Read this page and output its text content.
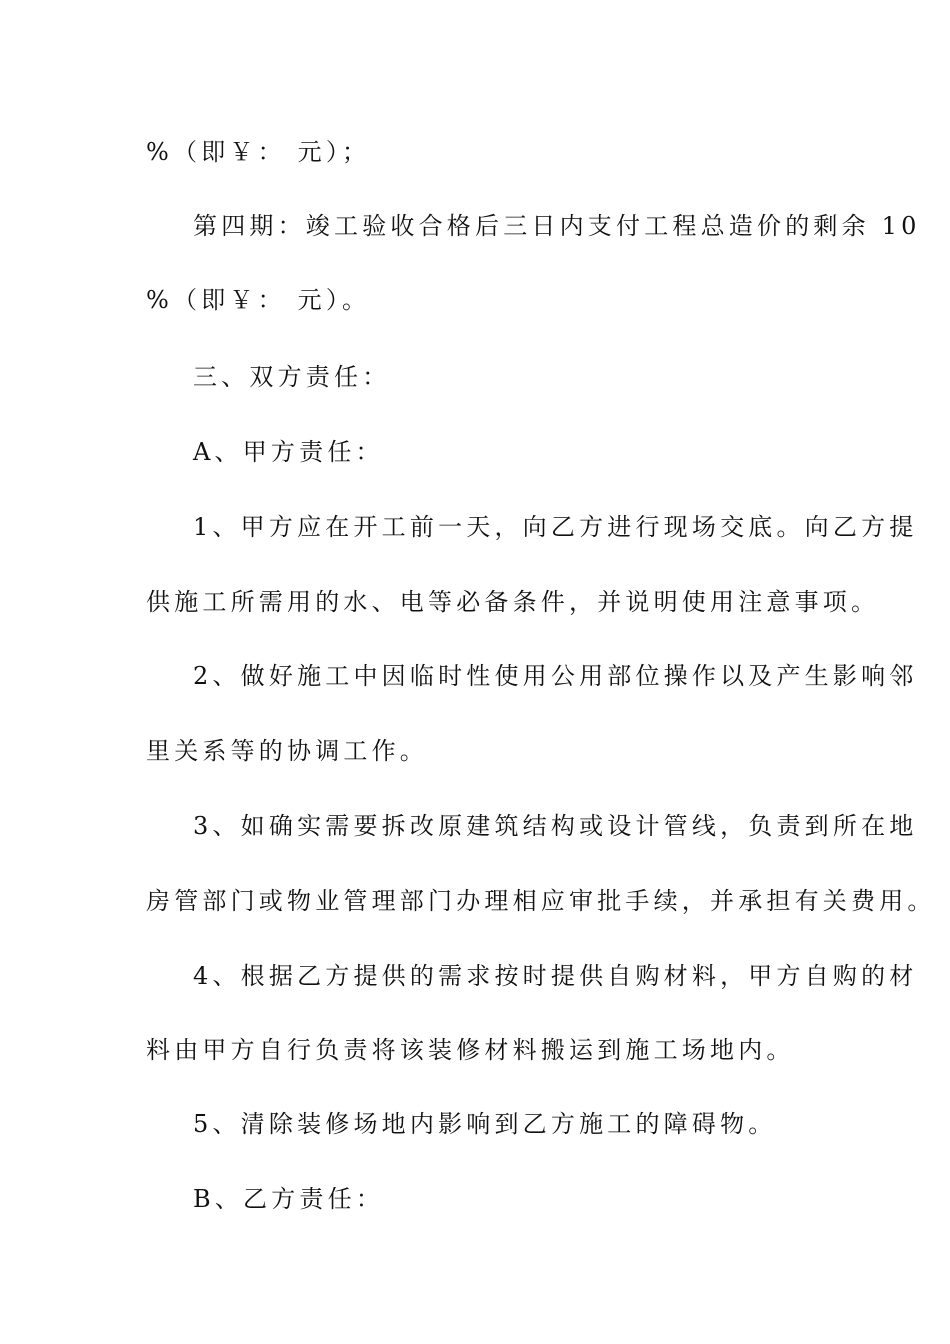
%（即￥： 元）；
第四期：竣工验收合格后三日内支付工程总造价的剩余 10
%（即￥： 元）。
三、双方责任：
A、甲方责任：
1、甲方应在开工前一天，向乙方进行现场交底。向乙方提
供施工所需用的水、电等必备条件，并说明使用注意事项。
2、做好施工中因临时性使用公用部位操作以及产生影响邻
里关系等的协调工作。
3、如确实需要拆改原建筑结构或设计管线，负责到所在地
房管部门或物业管理部门办理相应审批手续，并承担有关费用。
4、根据乙方提供的需求按时提供自购材料，甲方自购的材
料由甲方自行负责将该装修材料搬运到施工场地内。
5、清除装修场地内影响到乙方施工的障碍物。
B、乙方责任：
